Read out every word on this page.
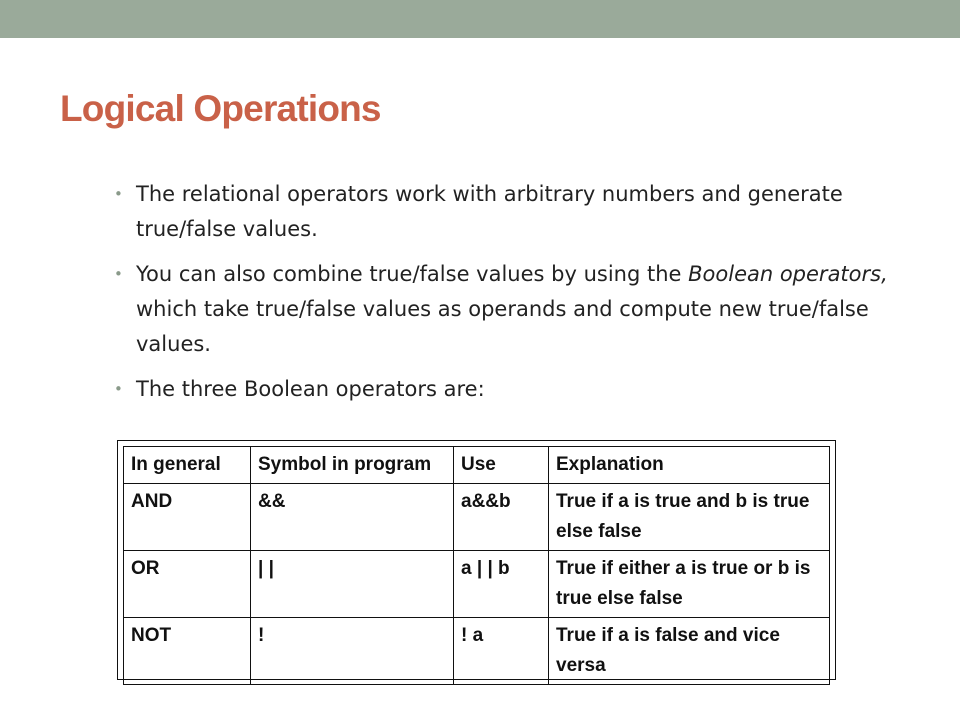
Logical Operations
• The relational operators work with arbitrary numbers and generate true/false values.
• You can also combine true/false values by using the Boolean operators, which take true/false values as operands and compute new true/false values.
• The three Boolean operators are:
In general	Symbol in program	Use	Explanation
AND	&&	a&&b	True if a is true and b is true else false
OR	| |	a | | b	True if either a is true or b is true else false
NOT	!	! a	True if a is false and vice versa
